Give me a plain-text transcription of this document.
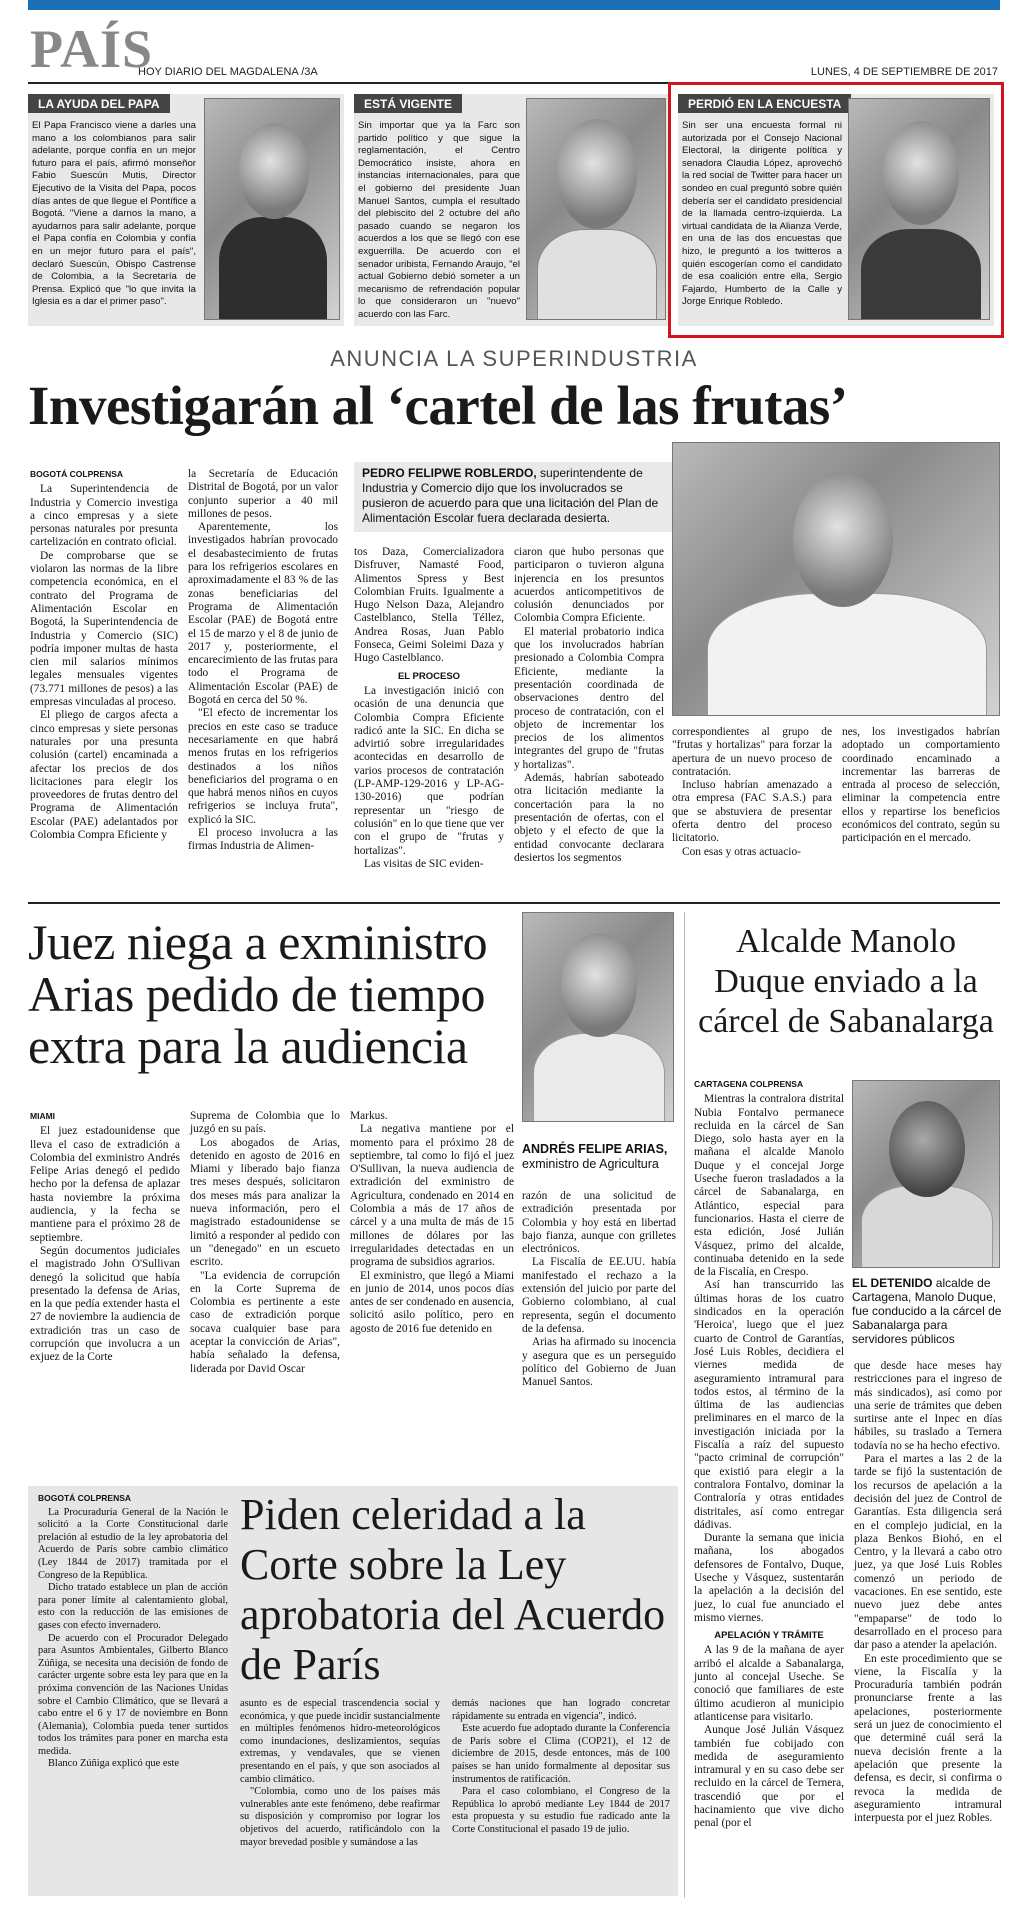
PAÍS
HOY DIARIO DEL MAGDALENA /3A	LUNES, 4 DE SEPTIEMBRE DE 2017
LA AYUDA DEL PAPA
El Papa Francisco viene a darles una mano a los colombianos para salir adelante, porque confía en un mejor futuro para el país, afirmó monseñor Fabio Suescún Mutis, Director Ejecutivo de la Visita del Papa, pocos días antes de que llegue el Pontífice a Bogotá. "Viene a darnos la mano, a ayudarnos para salir adelante, porque el Papa confía en Colombia y confía en un mejor futuro para el país", declaró Suescún, Obispo Castrense de Colombia, a la Secretaría de Prensa. Explicó que "lo que invita la Iglesia es a dar el primer paso".
ESTÁ VIGENTE
Sin importar que ya la Farc son partido político y que sigue la reglamentación, el Centro Democrático insiste, ahora en instancias internacionales, para que el gobierno del presidente Juan Manuel Santos, cumpla el resultado del plebiscito del 2 octubre del año pasado cuando se negaron los acuerdos a los que se llegó con ese exguerrilla. De acuerdo con el senador uribista, Fernando Araujo, "el actual Gobierno debió someter a un mecanismo de refrendación popular lo que consideraron un "nuevo" acuerdo con las Farc.
PERDIÓ EN LA ENCUESTA
Sin ser una encuesta formal ni autorizada por el Consejo Nacional Electoral, la dirigente política y senadora Claudia López, aprovechó la red social de Twitter para hacer un sondeo en cual preguntó sobre quién debería ser el candidato presidencial de la llamada centro-izquierda. La virtual candidata de la Alianza Verde, en una de las dos encuestas que hizo, le preguntó a los twitteros a quién escogerían como el candidato de esa coalición entre ella, Sergio Fajardo, Humberto de la Calle y Jorge Enrique Robledo.
ANUNCIA LA SUPERINDUSTRIA
Investigarán al ‘cartel de las frutas’

BOGOTÁ COLPRENSA

La Superintendencia de Industria y Comercio investiga a cinco empresas y a siete personas naturales por presunta cartelización en contrato oficial.

De comprobarse que se violaron las normas de la libre competencia económica, en el contrato del Programa de Alimentación Escolar en Bogotá, la Superintendencia de Industria y Comercio (SIC) podría imponer multas de hasta cien mil salarios mínimos legales mensuales vigentes (73.771 millones de pesos) a las empresas vinculadas al proceso.

El pliego de cargos afecta a cinco empresas y siete personas naturales por una presunta colusión (cartel) encaminada a afectar los precios de dos licitaciones para elegir los proveedores de frutas dentro del Programa de Alimentación Escolar (PAE) adelantados por Colombia Compra Eficiente y

la Secretaría de Educación Distrital de Bogotá, por un valor conjunto superior a 40 mil millones de pesos.

Aparentemente, los investigados habrían provocado el desabastecimiento de frutas para los refrigerios escolares en aproximadamente el 83 % de las zonas beneficiarias del Programa de Alimentación Escolar (PAE) de Bogotá entre el 15 de marzo y el 8 de junio de 2017 y, posteriormente, el encarecimiento de las frutas para todo el Programa de Alimentación Escolar (PAE) de Bogotá en cerca del 50 %.

"El efecto de incrementar los precios en este caso se traduce necesariamente en que habrá menos frutas en los refrigerios destinados a los niños beneficiarios del programa o en que habrá menos niños en cuyos refrigerios se incluya fruta", explicó la SIC.

El proceso involucra a las firmas Industria de Alimen-

PEDRO FELIPWE ROBLERDO, superintendente de Industria y Comercio dijo que los involucrados se pusieron de acuerdo para que una licitación del Plan de Alimentación Escolar fuera declarada desierta.

tos Daza, Comercializadora Disfruver, Namasté Food, Alimentos Spress y Best Colombian Fruits. Igualmente a Hugo Nelson Daza, Alejandro Castelblanco, Stella Téllez, Andrea Rosas, Juan Pablo Fonseca, Geimi Soleimi Daza y Hugo Castelblanco.

EL PROCESO

La investigación inició con ocasión de una denuncia que Colombia Compra Eficiente radicó ante la SIC. En dicha se advirtió sobre irregularidades acontecidas en desarrollo de varios procesos de contratación (LP-AMP-129-2016 y LP-AG-130-2016) que podrían representar un "riesgo de colusión" en lo que tiene que ver con el grupo de "frutas y hortalizas".

Las visitas de SIC eviden-

ciaron que hubo personas que participaron o tuvieron alguna injerencia en los presuntos acuerdos anticompetitivos de colusión denunciados por Colombia Compra Eficiente.

El material probatorio indica que los involucrados habrían presionado a Colombia Compra Eficiente, mediante la presentación coordinada de observaciones dentro del proceso de contratación, con el objeto de incrementar los precios de los alimentos integrantes del grupo de "frutas y hortalizas".

Además, habrían saboteado otra licitación mediante la concertación para la no presentación de ofertas, con el objeto y el efecto de que la entidad convocante declarara desiertos los segmentos

correspondientes al grupo de "frutas y hortalizas" para forzar la apertura de un nuevo proceso de contratación.

Incluso habrían amenazado a otra empresa (FAC S.A.S.) para que se abstuviera de presentar oferta dentro del proceso licitatorio.

Con esas y otras actuacio-

nes, los investigados habrían adoptado un comportamiento coordinado encaminado a incrementar las barreras de entrada al proceso de selección, eliminar la competencia entre ellos y repartirse los beneficios económicos del contrato, según su participación en el mercado.

Juez niega a exministro Arias pedido de tiempo extra para la audiencia
ANDRÉS FELIPE ARIAS,
exministro de Agricultura

MIAMI

El juez estadounidense que lleva el caso de extradición a Colombia del exministro Andrés Felipe Arias denegó el pedido hecho por la defensa de aplazar hasta noviembre la próxima audiencia, y la fecha se mantiene para el próximo 28 de septiembre.

Según documentos judiciales el magistrado John O'Sullivan denegó la solicitud que había presentado la defensa de Arias, en la que pedía extender hasta el 27 de noviembre la audiencia de extradición tras un caso de corrupción que involucra a un exjuez de la Corte

Suprema de Colombia que lo juzgó en su país.

Los abogados de Arias, detenido en agosto de 2016 en Miami y liberado bajo fianza tres meses después, solicitaron dos meses más para analizar la nueva información, pero el magistrado estadounidense se limitó a responder al pedido con un "denegado" en un escueto escrito.

"La evidencia de corrupción en la Corte Suprema de Colombia es pertinente a este caso de extradición porque socava cualquier base para aceptar la convicción de Arias", había señalado la defensa, liderada por David Oscar

Markus.

La negativa mantiene por el momento para el próximo 28 de septiembre, tal como lo fijó el juez O'Sullivan, la nueva audiencia de extradición del exministro de Agricultura, condenado en 2014 en Colombia a más de 17 años de cárcel y a una multa de más de 15 millones de dólares por las irregularidades detectadas en un programa de subsidios agrarios.

El exministro, que llegó a Miami en junio de 2014, unos pocos días antes de ser condenado en ausencia, solicitó asilo político, pero en agosto de 2016 fue detenido en

razón de una solicitud de extradición presentada por Colombia y hoy está en libertad bajo fianza, aunque con grilletes electrónicos.

La Fiscalía de EE.UU. había manifestado el rechazo a la extensión del juicio por parte del Gobierno colombiano, al cual representa, según el documento de la defensa.

Arias ha afirmado su inocencia y asegura que es un perseguido político del Gobierno de Juan Manuel Santos.

Alcalde Manolo Duque enviado a la cárcel de Sabanalarga

CARTAGENA COLPRENSA

Mientras la contralora distrital Nubia Fontalvo permanece recluida en la cárcel de San Diego, solo hasta ayer en la mañana el alcalde Manolo Duque y el concejal Jorge Useche fueron trasladados a la cárcel de Sabanalarga, en Atlántico, especial para funcionarios. Hasta el cierre de esta edición, José Julián Vásquez, primo del alcalde, continuaba detenido en la sede de la Fiscalía, en Crespo.

Así han transcurrido las últimas horas de los cuatro sindicados en la operación 'Heroica', luego que el juez cuarto de Control de Garantías, José Luis Robles, decidiera el viernes medida de aseguramiento intramural para todos estos, al término de la última de las audiencias preliminares en el marco de la investigación iniciada por la Fiscalía a raíz del supuesto "pacto criminal de corrupción" que existió para elegir a la contralora Fontalvo, dominar la Contraloría y otras entidades distritales, así como entregar dádivas.

Durante la semana que inicia mañana, los abogados defensores de Fontalvo, Duque, Useche y Vásquez, sustentarán la apelación a la decisión del juez, lo cual fue anunciado el mismo viernes.

APELACIÓN Y TRÁMITE

A las 9 de la mañana de ayer arribó el alcalde a Sabanalarga, junto al concejal Useche. Se conoció que familiares de este último acudieron al municipio atlanticense para visitarlo.

Aunque José Julián Vásquez también fue cobijado con medida de aseguramiento intramural y en su caso debe ser recluido en la cárcel de Ternera, trascendió que por el hacinamiento que vive dicho penal (por el

EL DETENIDO alcalde de Cartagena, Manolo Duque, fue conducido a la cárcel de Sabanalarga para servidores públicos

que desde hace meses hay restricciones para el ingreso de más sindicados), así como por una serie de trámites que deben surtirse ante el Inpec en días hábiles, su traslado a Ternera todavía no se ha hecho efectivo.

Para el martes a las 2 de la tarde se fijó la sustentación de los recursos de apelación a la decisión del juez de Control de Garantías. Esta diligencia será en el complejo judicial, en la plaza Benkos Biohó, en el Centro, y la llevará a cabo otro juez, ya que José Luis Robles comenzó un periodo de vacaciones. En ese sentido, este nuevo juez debe antes "empaparse" de todo lo desarrollado en el proceso para dar paso a atender la apelación.

En este procedimiento que se viene, la Fiscalía y la Procuraduría también podrán pronunciarse frente a las apelaciones, posteriormente será un juez de conocimiento el que determiné cuál será la nueva decisión frente a la apelación que presente la defensa, es decir, si confirma o revoca la medida de aseguramiento intramural interpuesta por el juez Robles.

Piden celeridad a la Corte sobre la Ley aprobatoria del Acuerdo de París

BOGOTÁ COLPRENSA

La Procuraduría General de la Nación le solicitó a la Corte Constitucional darle prelación al estudio de la ley aprobatoria del Acuerdo de París sobre cambio climático (Ley 1844 de 2017) tramitada por el Congreso de la República.

Dicho tratado establece un plan de acción para poner límite al calentamiento global, esto con la reducción de las emisiones de gases con efecto invernadero.

De acuerdo con el Procurador Delegado para Asuntos Ambientales, Gilberto Blanco Zúñiga, se necesita una decisión de fondo de carácter urgente sobre esta ley para que en la próxima convención de las Naciones Unidas sobre el Cambio Climático, que se llevará a cabo entre el 6 y 17 de noviembre en Bonn (Alemania), Colombia pueda tener surtidos todos los trámites para poner en marcha esta medida.

Blanco Zúñiga explicó que este

asunto es de especial trascendencia social y económica, y que puede incidir sustancialmente en múltiples fenómenos hidro-meteorológicos como inundaciones, deslizamientos, sequías extremas, y vendavales, que se vienen presentando en el país, y que son asociados al cambio climático.

"Colombia, como uno de los países más vulnerables ante este fenómeno, debe reafirmar su disposición y compromiso por lograr los objetivos del acuerdo, ratificándolo con la mayor brevedad posible y sumándose a las

demás naciones que han logrado concretar rápidamente su entrada en vigencia", indicó.

Este acuerdo fue adoptado durante la Conferencia de París sobre el Clima (COP21), el 12 de diciembre de 2015, desde entonces, más de 100 países se han unido formalmente al depositar sus instrumentos de ratificación.

Para el caso colombiano, el Congreso de la República lo aprobó mediante Ley 1844 de 2017 esta propuesta y su estudio fue radicado ante la Corte Constitucional el pasado 19 de julio.
